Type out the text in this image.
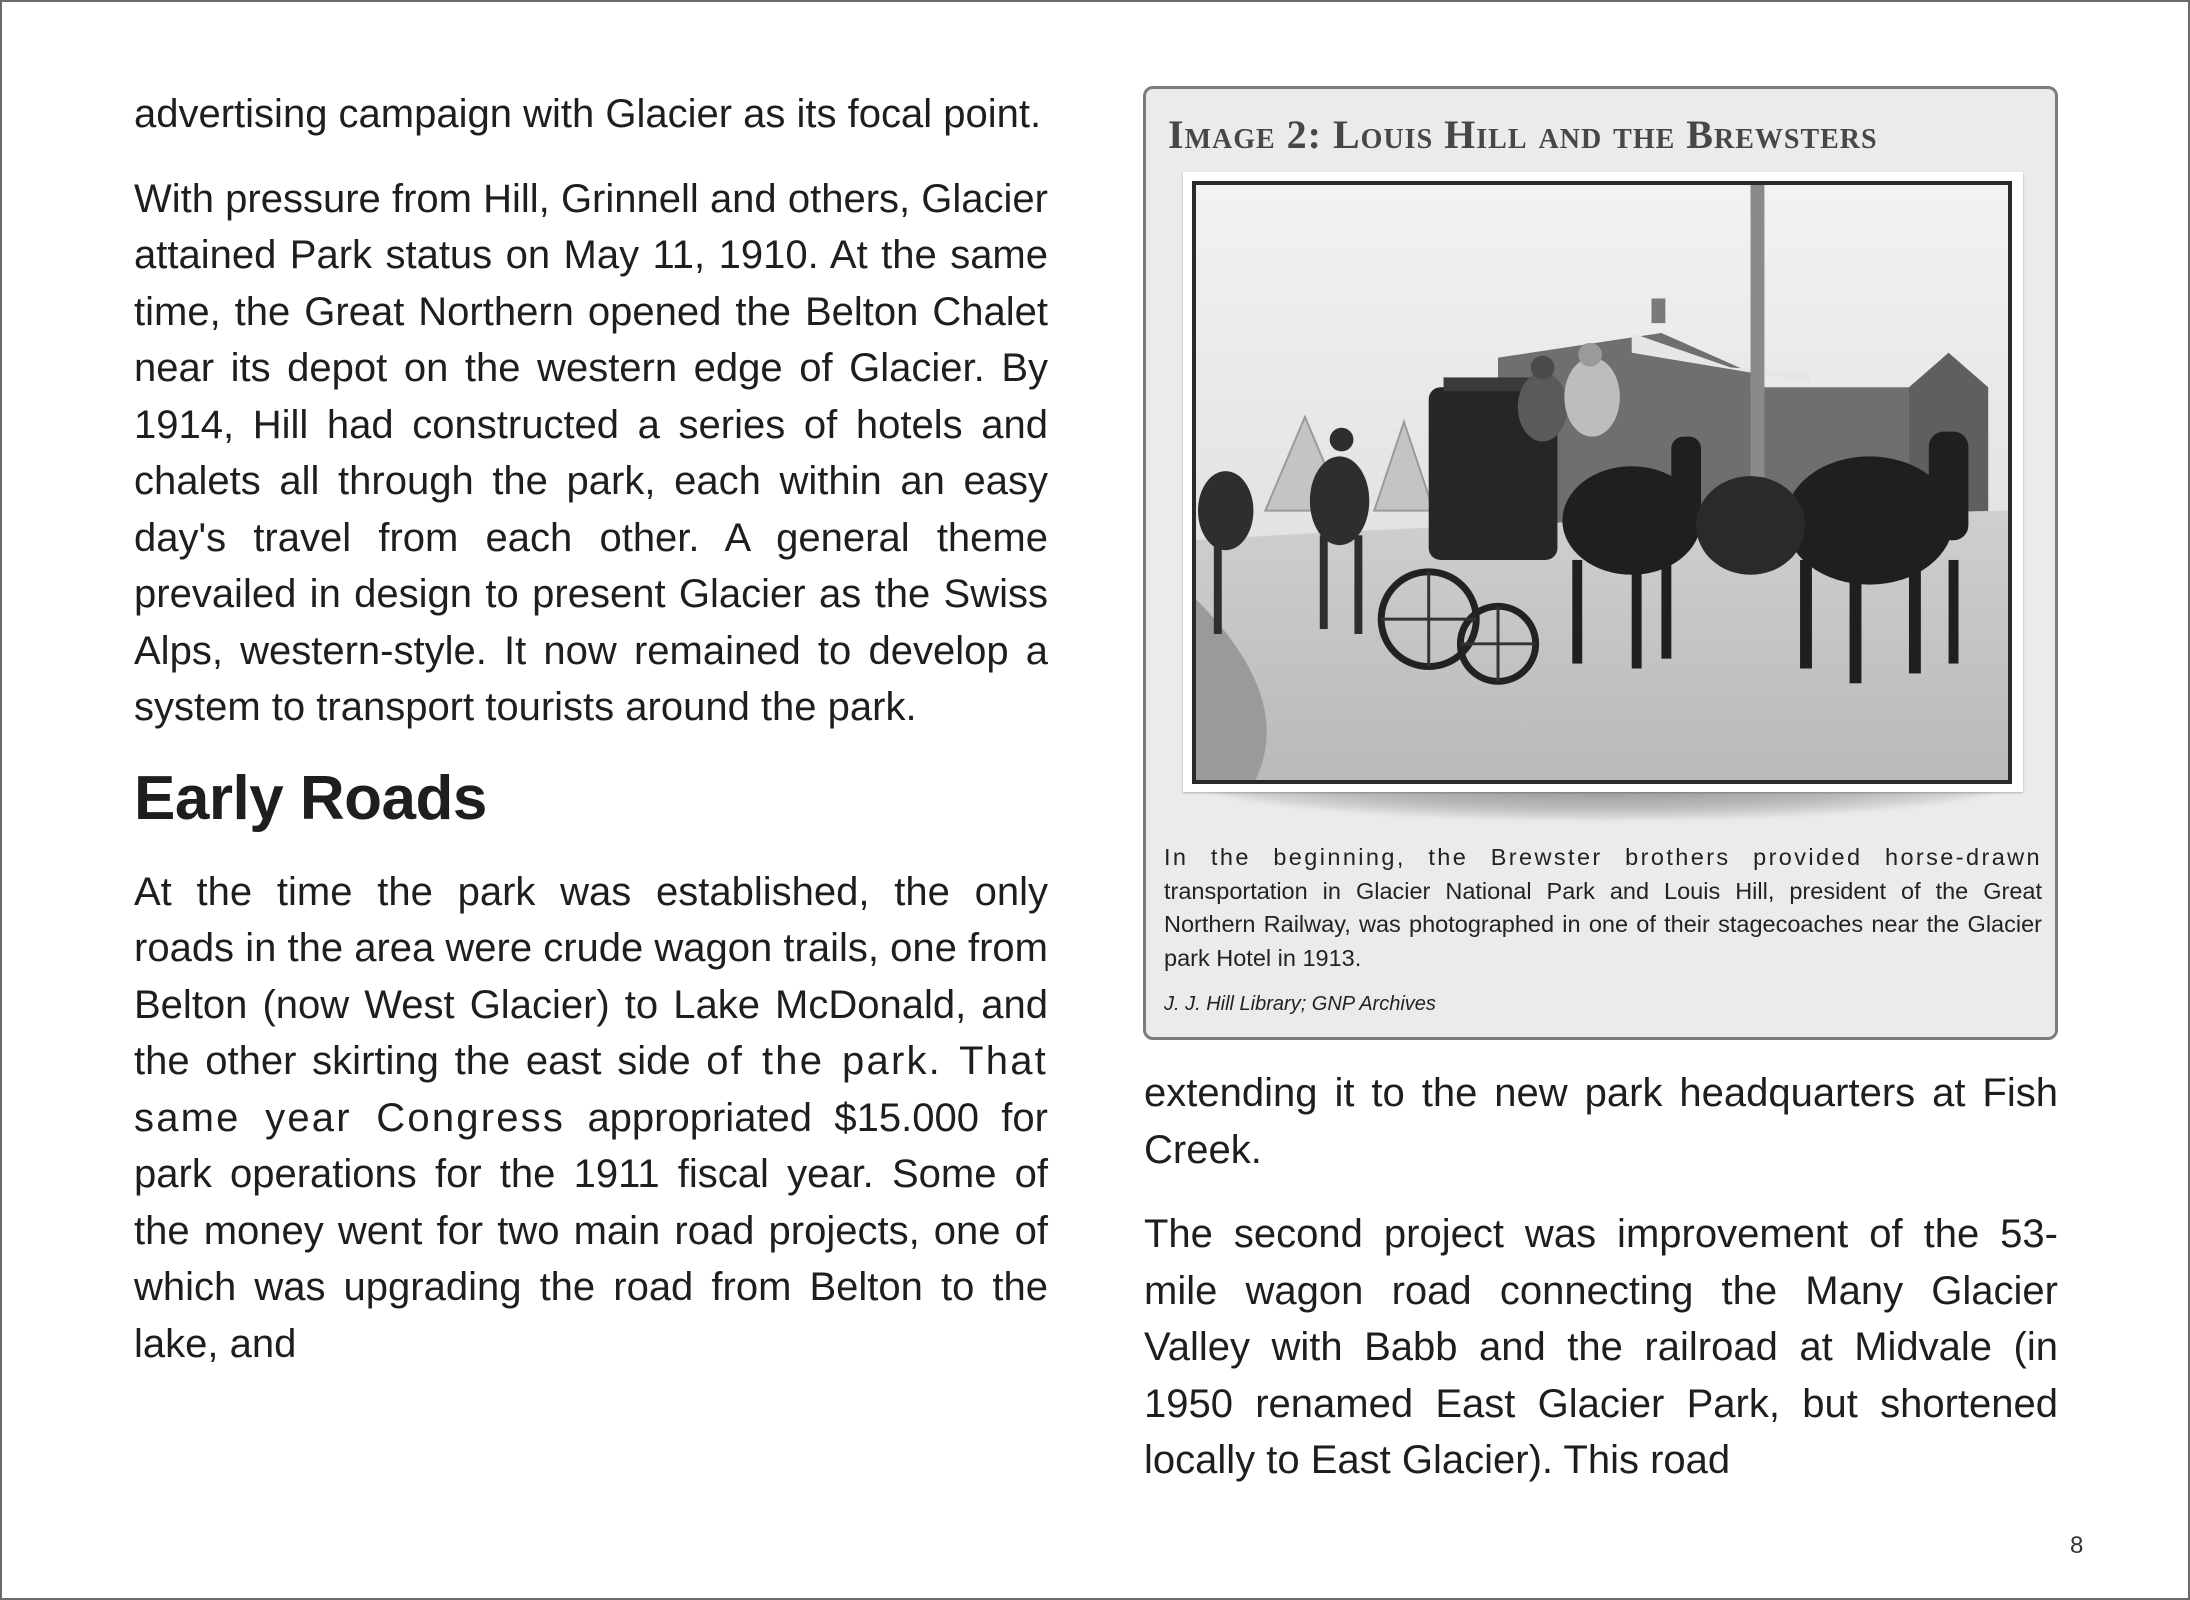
advertising campaign with Glacier as its focal point.

With pressure from Hill, Grinnell and others, Glacier attained Park status on May 11, 1910. At the same time, the Great Northern opened the Belton Chalet near its depot on the western edge of Glacier. By 1914, Hill had constructed a series of hotels and chalets all through the park, each within an easy day's travel from each other. A general theme prevailed in design to present Glacier as the Swiss Alps, western-style. It now remained to develop a system to transport tourists around the park.

Early Roads

At the time the park was established, the only roads in the area were crude wagon trails, one from Belton (now West Glacier) to Lake McDonald, and the other skirting the east side of the park. That same year Congress appropriated $15.000 for park operations for the 1911 fiscal year. Some of the money went for two main road projects, one of which was upgrading the road from Belton to the lake, and

Image 2: Louis Hill and the Brewsters
In the beginning, the Brewster brothers provided horse-drawn transportation in Glacier National Park and Louis Hill, president of the Great Northern Railway, was photographed in one of their stagecoaches near the Glacier park Hotel in 1913.
J. J. Hill Library; GNP Archives

extending it to the new park headquarters at Fish Creek.

The second project was improvement of the 53-mile wagon road connecting the Many Glacier Valley with Babb and the railroad at Midvale (in 1950 renamed East Glacier Park, but shortened locally to East Glacier). This road

8
